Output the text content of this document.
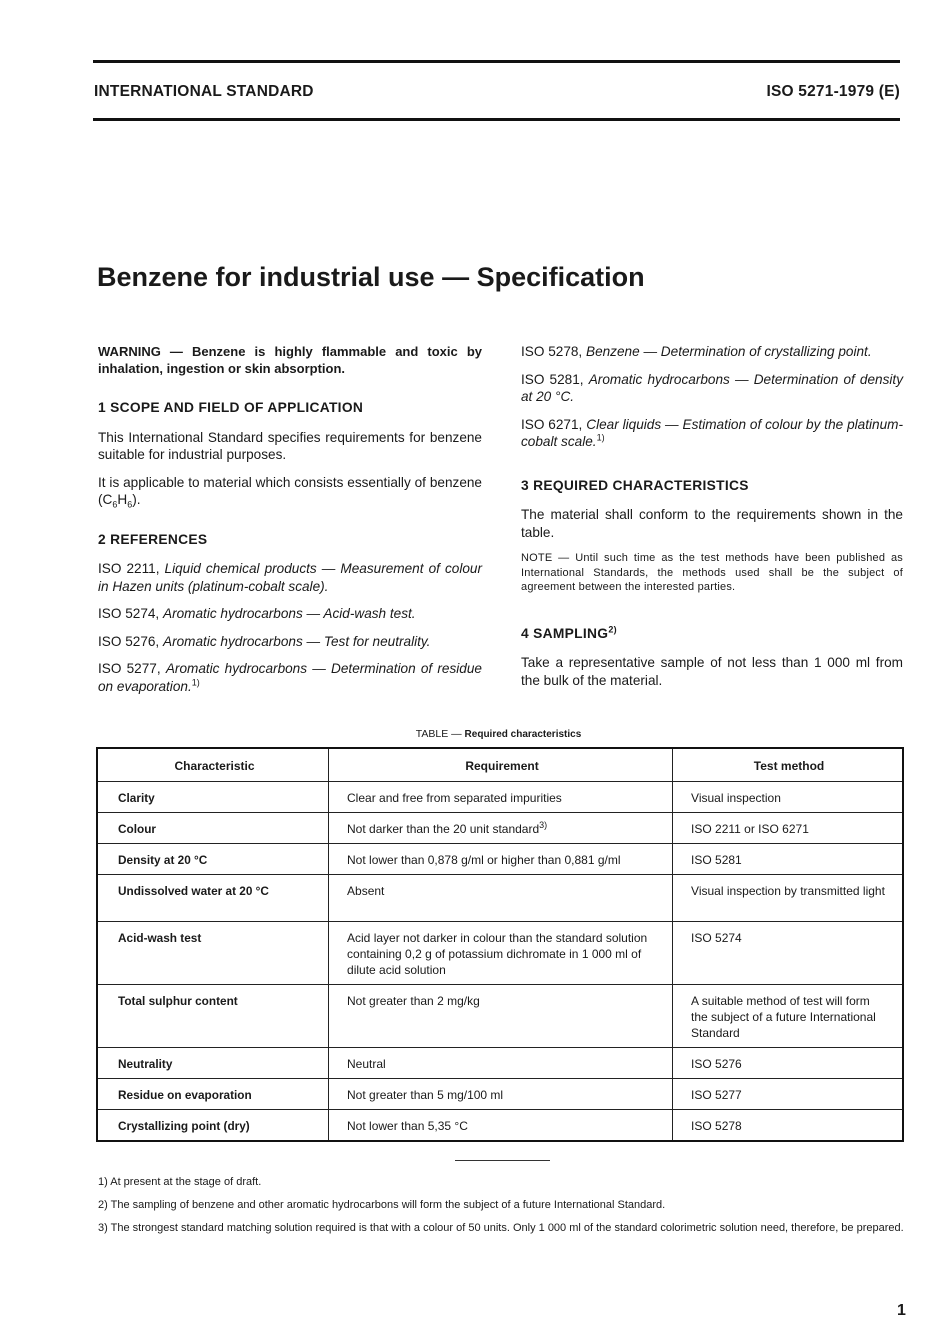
INTERNATIONAL STANDARD	ISO 5271-1979 (E)
Benzene for industrial use — Specification

WARNING — Benzene is highly flammable and toxic by inhalation, ingestion or skin absorption.

1 SCOPE AND FIELD OF APPLICATION

This International Standard specifies requirements for benzene suitable for industrial purposes.

It is applicable to material which consists essentially of benzene $(C_6H_6)$.

2 REFERENCES

ISO 2211, Liquid chemical products — Measurement of colour in Hazen units (platinum-cobalt scale).

ISO 5274, Aromatic hydrocarbons — Acid-wash test.

ISO 5276, Aromatic hydrocarbons — Test for neutrality.

ISO 5277, Aromatic hydrocarbons — Determination of residue on evaporation.$^{1)}$

ISO 5278, Benzene — Determination of crystallizing point.

ISO 5281, Aromatic hydrocarbons — Determination of density at 20 °C.

ISO 6271, Clear liquids — Estimation of colour by the platinum-cobalt scale.$^{1)}$

3 REQUIRED CHARACTERISTICS

The material shall conform to the requirements shown in the table.

NOTE — Until such time as the test methods have been published as International Standards, the methods used shall be the subject of agreement between the interested parties.

4 SAMPLING$^{2)}$

Take a representative sample of not less than 1 000 ml from the bulk of the material.

TABLE — Required characteristics
Characteristic	Requirement	Test method
Clarity	Clear and free from separated impurities	Visual inspection
Colour	Not darker than the 20 unit standard$^{3)}$	ISO 2211 or ISO 6271
Density at 20 °C	Not lower than 0,878 g/ml or higher than 0,881 g/ml	ISO 5281
Undissolved water at 20 °C	Absent	Visual inspection by transmitted light
Acid-wash test	Acid layer not darker in colour than the standard solution containing 0,2 g of potassium dichromate in 1 000 ml of dilute acid solution	ISO 5274
Total sulphur content	Not greater than 2 mg/kg	A suitable method of test will form the subject of a future International Standard
Neutrality	Neutral	ISO 5276
Residue on evaporation	Not greater than 5 mg/100 ml	ISO 5277
Crystallizing point (dry)	Not lower than 5,35 °C	ISO 5278
1) At present at the stage of draft.
2) The sampling of benzene and other aromatic hydrocarbons will form the subject of a future International Standard.
3) The strongest standard matching solution required is that with a colour of 50 units. Only 1 000 ml of the standard colorimetric solution need, therefore, be prepared.
1
